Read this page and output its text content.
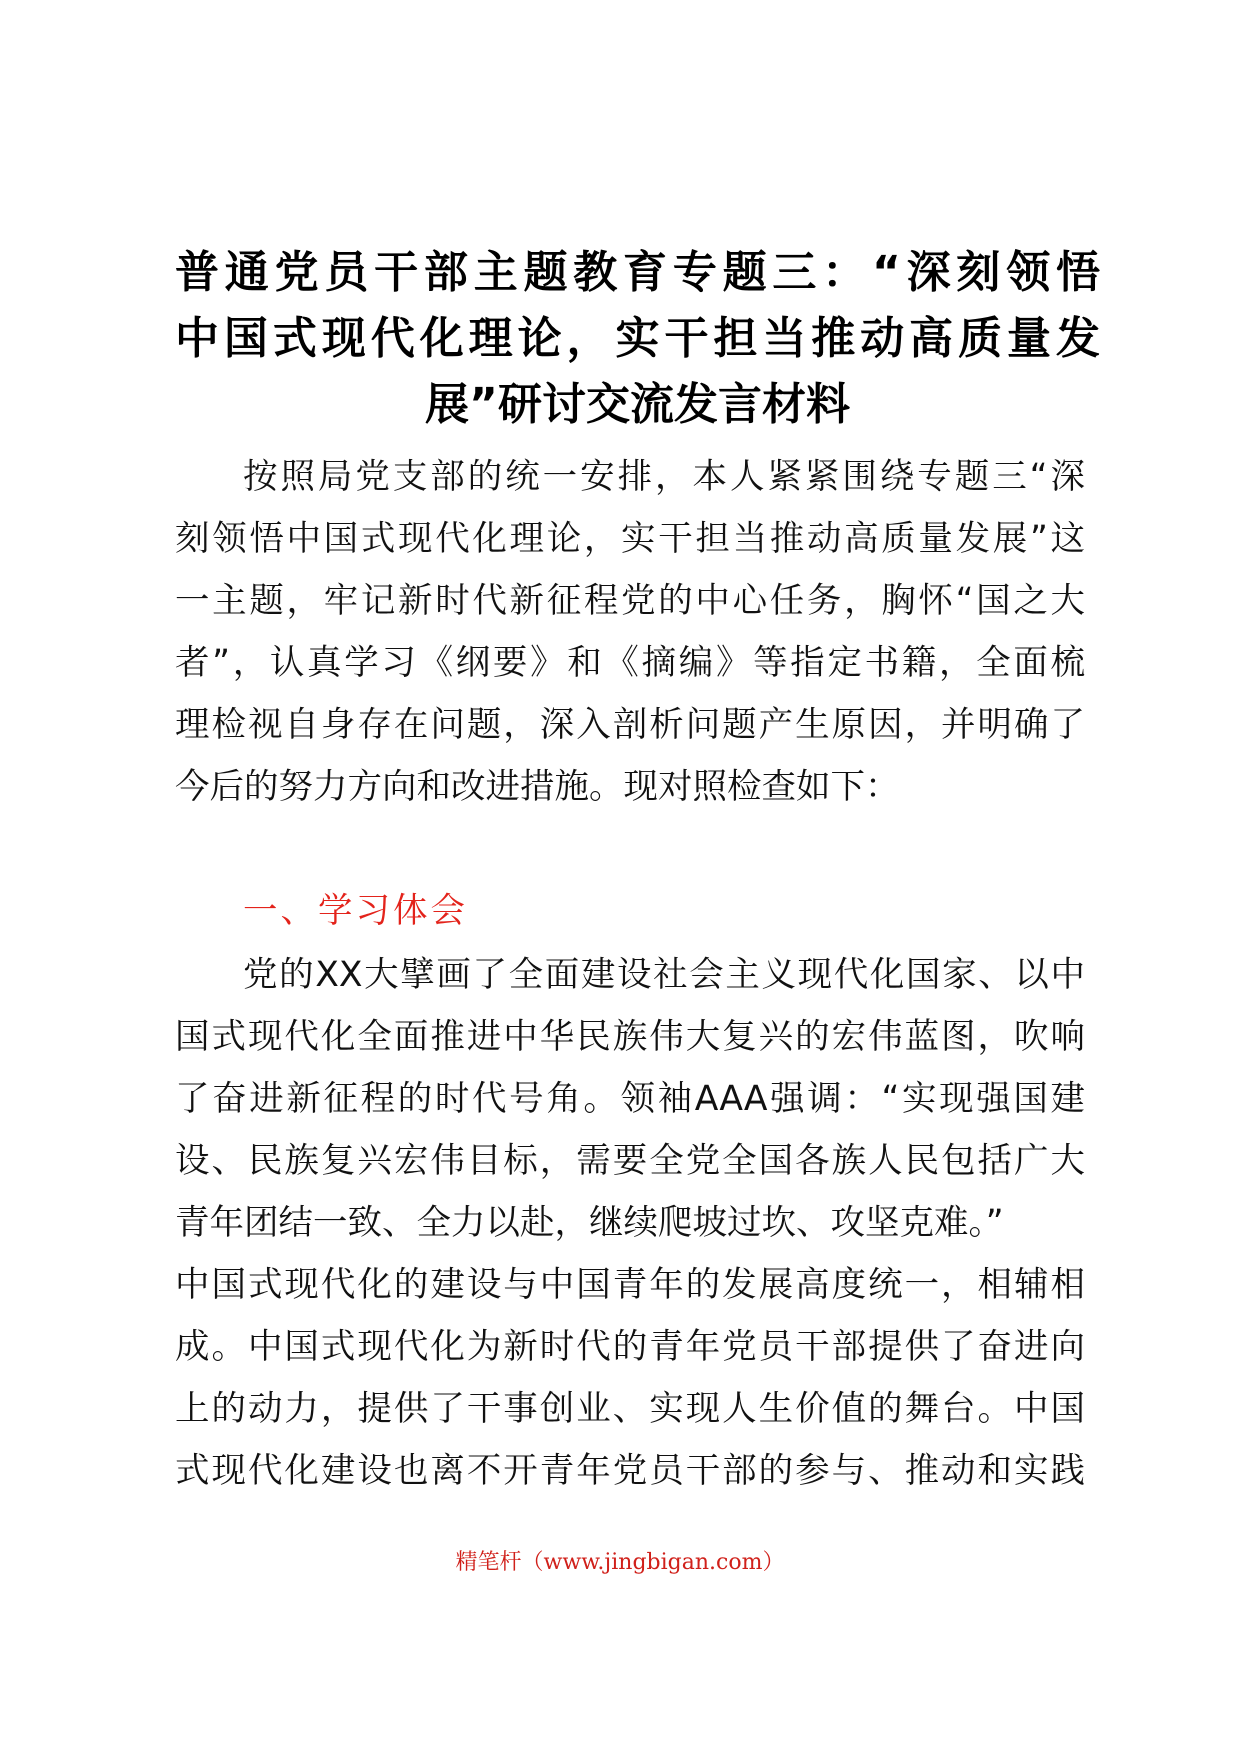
普通党员干部主题教育专题三：“深刻领悟
中国式现代化理论，实干担当推动高质量发
展”研讨交流发言材料
按照局党支部的统一安排，本人紧紧围绕专题三“深
刻领悟中国式现代化理论，实干担当推动高质量发展”这
一主题，牢记新时代新征程党的中心任务，胸怀“国之大
者”，认真学习《纲要》和《摘编》等指定书籍，全面梳
理检视自身存在问题，深入剖析问题产生原因，并明确了
今后的努力方向和改进措施。现对照检查如下：
一、学习体会
党的XX大擘画了全面建设社会主义现代化国家、以中
国式现代化全面推进中华民族伟大复兴的宏伟蓝图，吹响
了奋进新征程的时代号角。领袖AAA强调：“实现强国建
设、民族复兴宏伟目标，需要全党全国各族人民包括广大
青年团结一致、全力以赴，继续爬坡过坎、攻坚克难。”
中国式现代化的建设与中国青年的发展高度统一，相辅相
成。中国式现代化为新时代的青年党员干部提供了奋进向
上的动力，提供了干事创业、实现人生价值的舞台。中国
式现代化建设也离不开青年党员干部的参与、推动和实践
精笔杆（www.jingbigan.com）
